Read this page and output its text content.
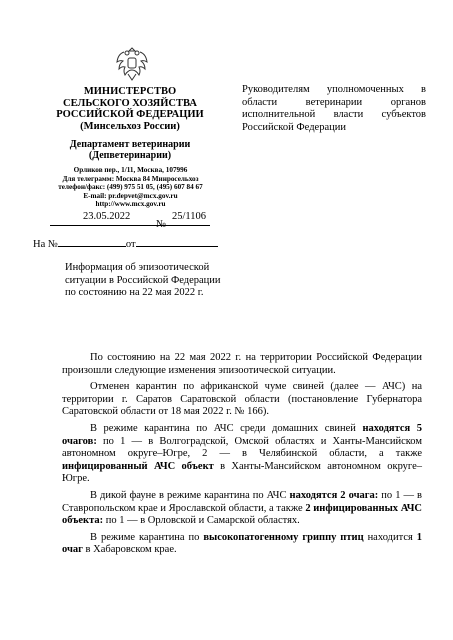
МИНИСТЕРСТВО
СЕЛЬСКОГО ХОЗЯЙСТВА
РОССИЙСКОЙ ФЕДЕРАЦИИ
(Минсельхоз России)
Департамент ветеринарии
(Депветеринарии)
Орликов пер., 1/11, Москва, 107996
Для телеграмм: Москва 84 Минросельхоз
телефон/факс: (499) 975 51 05, (495) 607 84 67
E-mail: pr.depvet@mcx.gov.ru
http://www.mcx.gov.ru
23.05.2022
№
25/1106
На №	от
Руководителям уполномоченных в области ветеринарии органов исполнительной власти субъектов Российской Федерации
Информация об эпизоотической
ситуации в Российской Федерации
по состоянию на 22 мая 2022 г.

По состоянию на 22 мая 2022 г. на территории Российской Федерации произошли следующие изменения эпизоотической ситуации.

Отменен карантин по африканской чуме свиней (далее — АЧС) на территории г. Саратов Саратовской области (постановление Губернатора Саратовской области от 18 мая 2022 г. № 166).

В режиме карантина по АЧС среди домашних свиней находятся 5 очагов: по 1 — в Волгоградской, Омской областях и Ханты-Мансийском автономном округе–Югре, 2 — в Челябинской области, а также инфицированный АЧС объект в Ханты-Мансийском автономном округе–Югре.

В дикой фауне в режиме карантина по АЧС находятся 2 очага: по 1 — в Ставропольском крае и Ярославской области, а также 2 инфицированных АЧС объекта: по 1 — в Орловской и Самарской областях.

В режиме карантина по высокопатогенному гриппу птиц находится 1 очаг в Хабаровском крае.
